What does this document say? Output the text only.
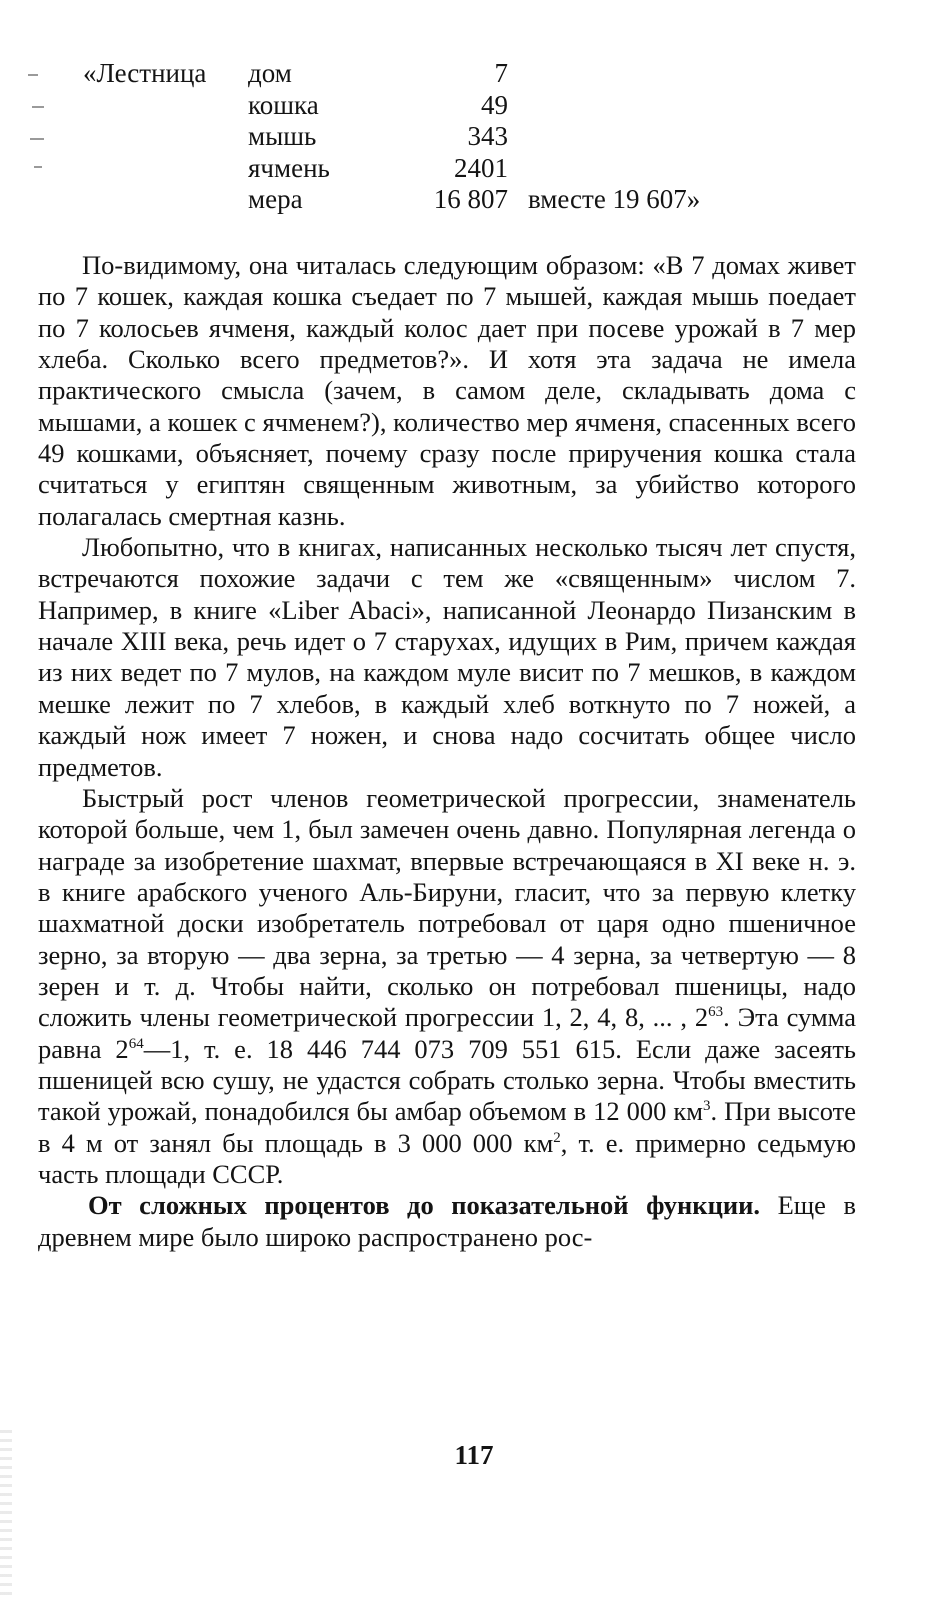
«Лестница дом	7
кошка	49
мышь	343
ячмень	2401
мера	16 807 вместе 19 607»

По-видимому, она читалась следующим образом: «В 7 домах живет по 7 кошек, каждая кошка съедает по 7 мышей, каждая мышь поедает по 7 колосьев ячменя, каждый колос дает при посеве урожай в 7 мер хлеба. Сколько всего предметов?». И хотя эта задача не имела практического смысла (зачем, в самом деле, складывать дома с мышами, а кошек с ячменем?), количество мер ячменя, спасенных всего 49 кошками, объясняет, почему сразу после приручения кошка стала считаться у египтян священным животным, за убийство которого полагалась смертная казнь.

Любопытно, что в книгах, написанных несколько тысяч лет спустя, встречаются похожие задачи с тем же «священным» числом 7. Например, в книге «Liber Abaci», написанной Леонардо Пизанским в начале XIII века, речь идет о 7 старухах, идущих в Рим, причем каждая из них ведет по 7 мулов, на каждом муле висит по 7 мешков, в каждом мешке лежит по 7 хлебов, в каждый хлеб воткнуто по 7 ножей, а каждый нож имеет 7 ножен, и снова надо сосчитать общее число предметов.

Быстрый рост членов геометрической прогрессии, знаменатель которой больше, чем 1, был замечен очень давно. Популярная легенда о награде за изобретение шахмат, впервые встречающаяся в XI веке н. э. в книге арабского ученого Аль-Бируни, гласит, что за первую клетку шахматной доски изобретатель потребовал от царя одно пшеничное зерно, за вторую — два зерна, за третью — 4 зерна, за четвертую — 8 зерен и т. д. Чтобы найти, сколько он потребовал пшеницы, надо сложить члены геометрической прогрессии 1, 2, 4, 8, ... , $2^{63}$. Эта сумма равна $2^{64}—1$, т. е. 18 446 744 073 709 551 615. Если даже засеять пшеницей всю сушу, не удастся собрать столько зерна. Чтобы вместить такой урожай, понадобился бы амбар объемом в 12 000 $км^3$. При высоте в 4 м от занял бы площадь в 3 000 000 $км^2$, т. е. примерно седьмую часть площади СССР.

От сложных процентов до показательной функции. Еще в древнем мире было широко распространено рос-

117
